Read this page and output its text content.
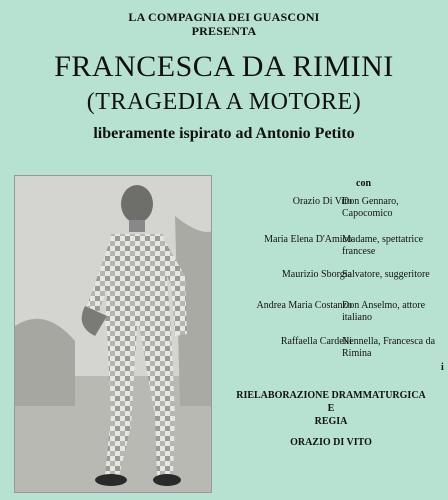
LA COMPAGNIA DEI GUASCONI
PRESENTA
FRANCESCA DA RIMINI
(TRAGEDIA A MOTORE)
liberamente ispirato ad Antonio Petito
con
Orazio Di Vito
Don Gennaro,
Capocomico
Maria Elena D'Amico
Madame, spettatrice
francese
Maurizio Sborgia
Salvatore, suggeritore

Andrea Maria Costanzo
Don Anselmo, attore
italiano
Raffaella Cardelli
Nennella, Francesca da
Rimina
i
RIELABORAZIONE DRAMMATURGICA
E
REGIA
ORAZIO DI VITO
